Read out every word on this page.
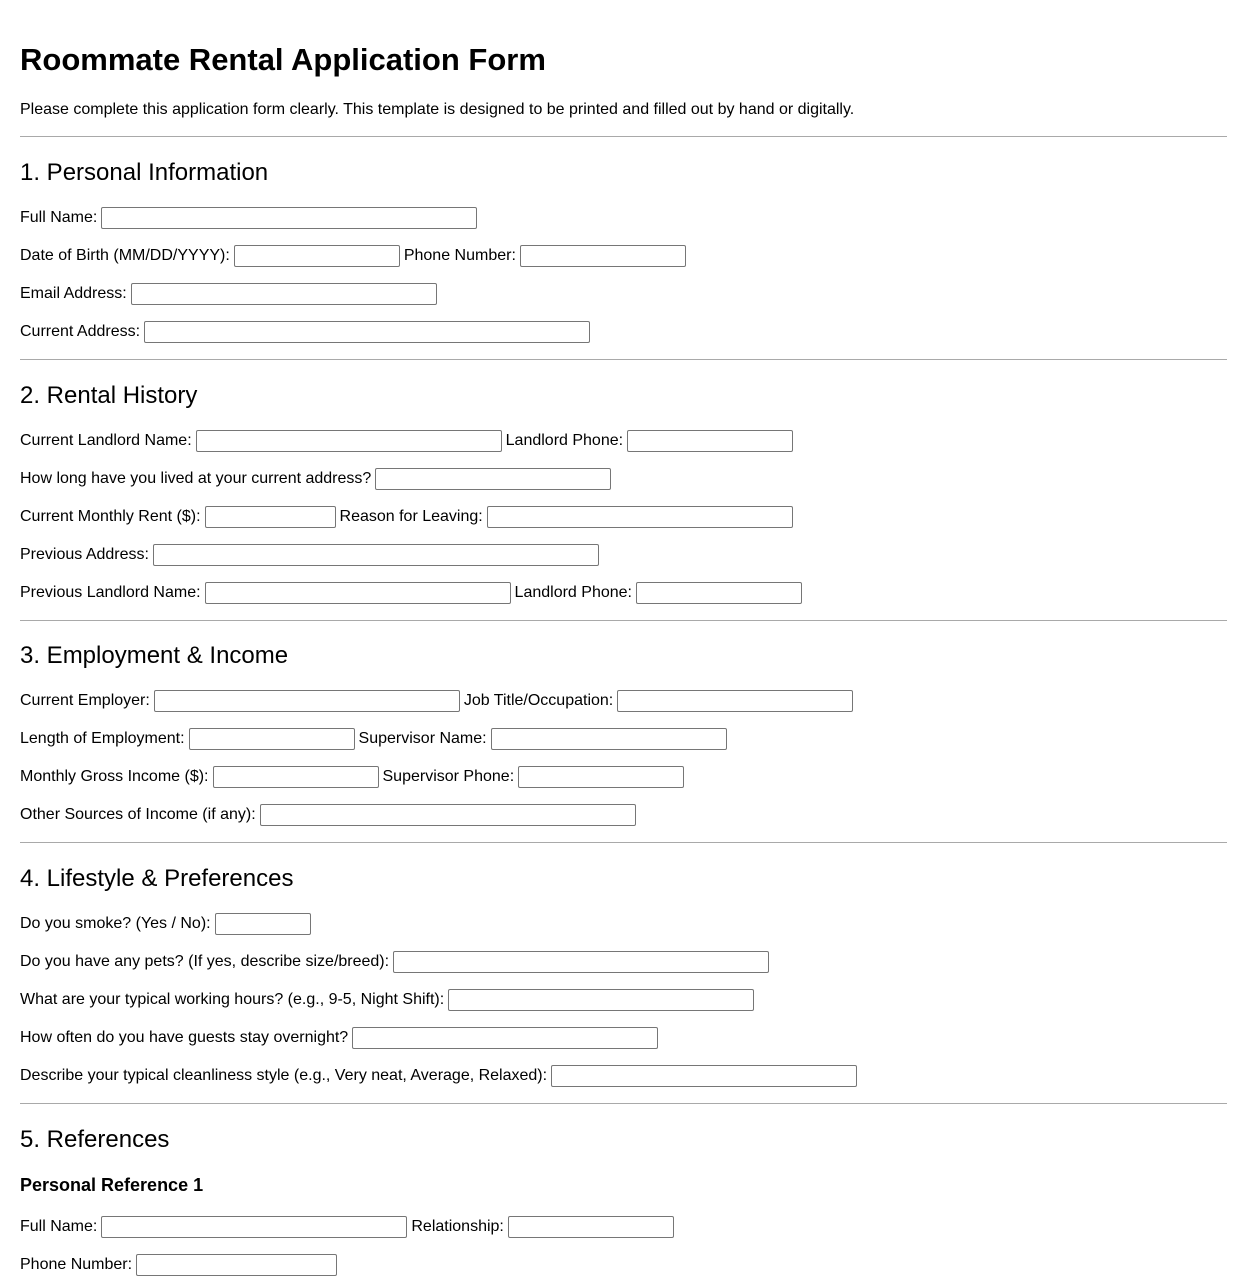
Roommate Rental Application Form

Please complete this application form clearly. This template is designed to be printed and filled out by hand or digitally.

1. Personal Information
Full Name:
Date of Birth (MM/DD/YYYY):	Phone Number:
Email Address:
Current Address:
2. Rental History
Current Landlord Name:	Landlord Phone:
How long have you lived at your current address?
Current Monthly Rent ($):	Reason for Leaving:
Previous Address:
Previous Landlord Name:	Landlord Phone:
3. Employment & Income
Current Employer:	Job Title/Occupation:
Length of Employment:	Supervisor Name:
Monthly Gross Income ($):	Supervisor Phone:
Other Sources of Income (if any):
4. Lifestyle & Preferences
Do you smoke? (Yes / No):
Do you have any pets? (If yes, describe size/breed):
What are your typical working hours? (e.g., 9-5, Night Shift):
How often do you have guests stay overnight?
Describe your typical cleanliness style (e.g., Very neat, Average, Relaxed):
5. References
Personal Reference 1
Full Name:	Relationship:
Phone Number:
